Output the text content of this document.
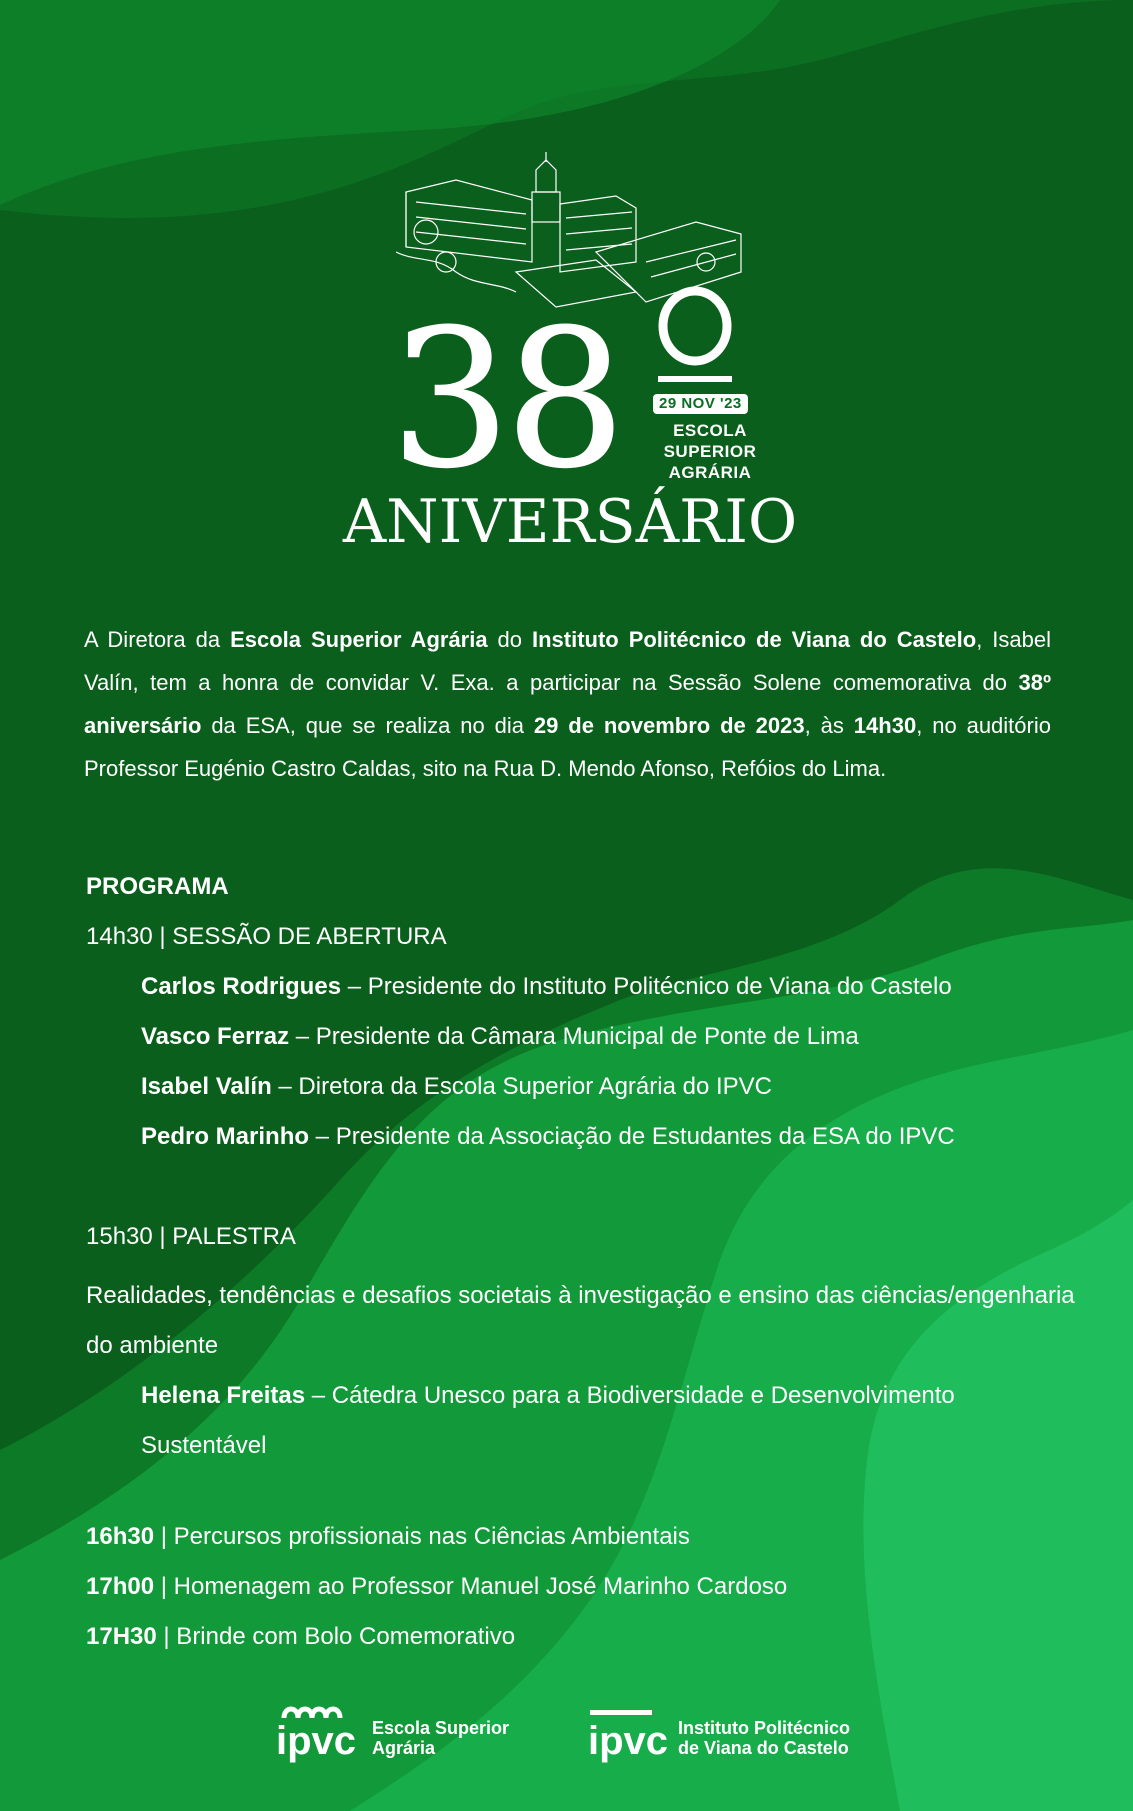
38	29 NOV '23
ESCOLA
SUPERIOR
AGRÁRIA
ANIVERSÁRIO
A Diretora da Escola Superior Agrária do Instituto Politécnico de Viana do Castelo, Isabel Valín, tem a honra de convidar V. Exa. a participar na Sessão Solene comemorativa do 38º aniversário da ESA, que se realiza no dia 29 de novembro de 2023, às 14h30, no auditório Professor Eugénio Castro Caldas, sito na Rua D. Mendo Afonso, Refóios do Lima.
PROGRAMA
14h30 | SESSÃO DE ABERTURA
Carlos Rodrigues – Presidente do Instituto Politécnico de Viana do Castelo
Vasco Ferraz – Presidente da Câmara Municipal de Ponte de Lima
Isabel Valín – Diretora da Escola Superior Agrária do IPVC
Pedro Marinho – Presidente da Associação de Estudantes da ESA do IPVC
15h30 | PALESTRA
Realidades, tendências e desafios societais à investigação e ensino das ciências/engenharia do ambiente
Helena Freitas – Cátedra Unesco para a Biodiversidade e Desenvolvimento Sustentável
16h30 | Percursos profissionais nas Ciências Ambientais
17h00 | Homenagem ao Professor Manuel José Marinho Cardoso
17H30 | Brinde com Bolo Comemorativo
ipvc Escola Superior
Agrária	ipvc Instituto Politécnico
de Viana do Castelo
